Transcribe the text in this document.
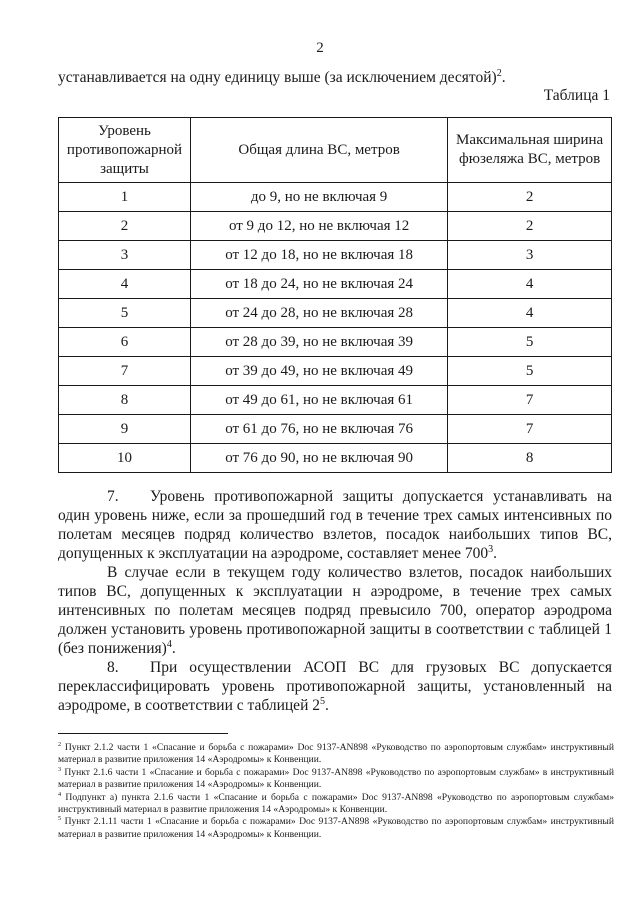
2
устанавливается на одну единицу выше (за исключением десятой)$^2$.
Таблица 1
Уровень противопожарной защиты	Общая длина ВС, метров	Максимальная ширина фюзеляжа ВС, метров
1	до 9, но не включая 9	2
2	от 9 до 12, но не включая 12	2
3	от 12 до 18, но не включая 18	3
4	от 18 до 24, но не включая 24	4
5	от 24 до 28, но не включая 28	4
6	от 28 до 39, но не включая 39	5
7	от 39 до 49, но не включая 49	5
8	от 49 до 61, но не включая 61	7
9	от 61 до 76, но не включая 76	7
10	от 76 до 90, но не включая 90	8

7. Уровень противопожарной защиты допускается устанавливать на один уровень ниже, если за прошедший год в течение трех самых интенсивных по полетам месяцев подряд количество взлетов, посадок наибольших типов ВС, допущенных к эксплуатации на аэродроме, составляет менее $700^3$.

В случае если в текущем году количество взлетов, посадок наибольших типов ВС, допущенных к эксплуатации н аэродроме, в течение трех самых интенсивных по полетам месяцев подряд превысило 700, оператор аэродрома должен установить уровень противопожарной защиты в соответствии с таблицей 1 (без понижения)$^4$.

8. При осуществлении АСОП ВС для грузовых ВС допускается переклассифицировать уровень противопожарной защиты, установленный на аэродроме, в соответствии с таблицей $2^5$.

$^2$ Пункт 2.1.2 части 1 «Спасание и борьба с пожарами» Doc 9137-AN898 «Руководство по аэропортовым службам» инструктивный материал в развитие приложения 14 «Аэродромы» к Конвенции.

$^3$ Пункт 2.1.6 части 1 «Спасание и борьба с пожарами» Doc 9137-AN898 «Руководство по аэропортовым службам» в инструктивный материал в развитие приложения 14 «Аэродромы» к Конвенции.

$^4$ Подпункт а) пункта 2.1.6 части 1 «Спасание и борьба с пожарами» Doc 9137-AN898 «Руководство по аэропортовым службам» инструктивный материал в развитие приложения 14 «Аэродромы» к Конвенции.

$^5$ Пункт 2.1.11 части 1 «Спасание и борьба с пожарами» Doc 9137-AN898 «Руководство по аэропортовым службам» инструктивный материал в развитие приложения 14 «Аэродромы» к Конвенции.
